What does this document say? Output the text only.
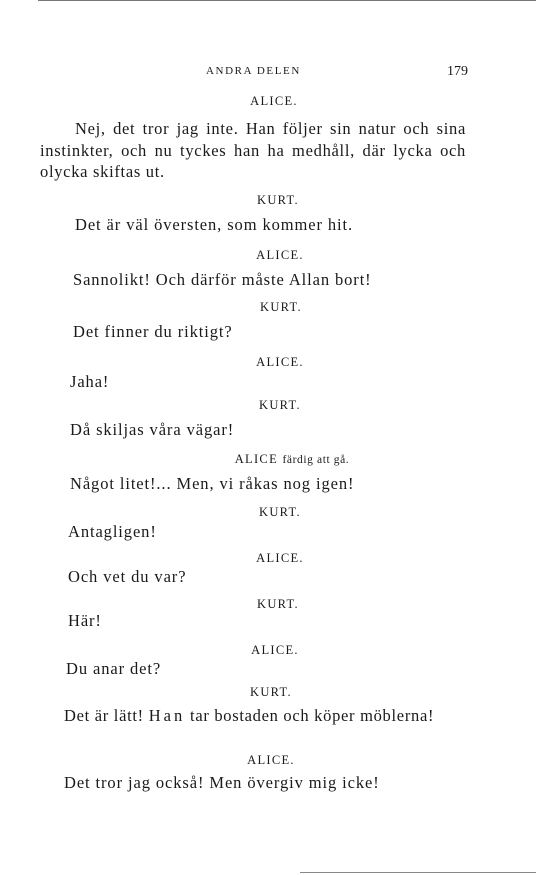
ANDRA DELEN	179
ALICE.
Nej, det tror jag inte. Han följer sin natur och sina instinkter, och nu tyckes han ha medhåll, där lycka och olycka skiftas ut.
KURT.
Det är väl översten, som kommer hit.
ALICE.
Sannolikt! Och därför måste Allan bort!
KURT.
Det finner du riktigt?
ALICE.
Jaha!
KURT.
Då skiljas våra vägar!
ALICE färdig att gå.
Något litet!... Men, vi råkas nog igen!
KURT.
Antagligen!
ALICE.
Och vet du var?
KURT.
Här!
ALICE.
Du anar det?
KURT.
Det är lätt! Han tar bostaden och köper möblerna!
ALICE.
Det tror jag också! Men övergiv mig icke!
